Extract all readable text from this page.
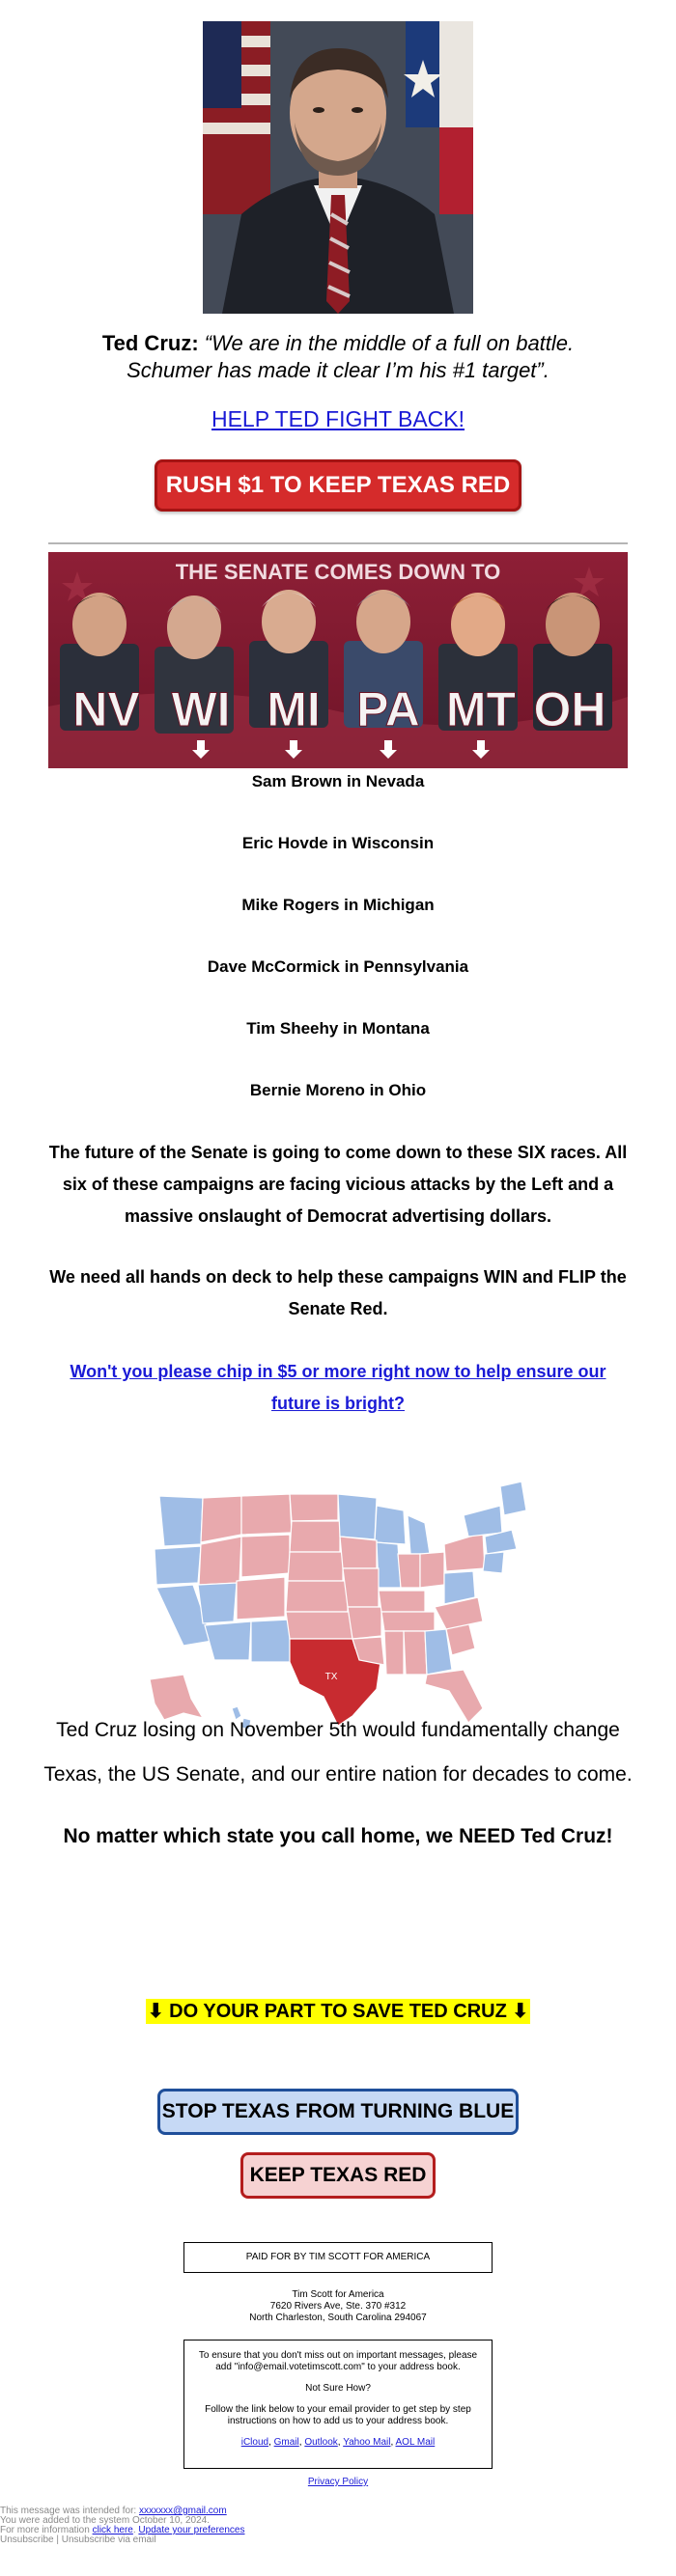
Ted Cruz: “We are in the middle of a full on battle. Schumer has made it clear I’m his #1 target”.
HELP TED FIGHT BACK!
RUSH $1 TO KEEP TEXAS RED
THE SENATE COMES DOWN TO
NV WI MI PA MT OH
Sam Brown in Nevada
Eric Hovde in Wisconsin
Mike Rogers in Michigan
Dave McCormick in Pennsylvania
Tim Sheehy in Montana
Bernie Moreno in Ohio
The future of the Senate is going to come down to these SIX races. All six of these campaigns are facing vicious attacks by the Left and a massive onslaught of Democrat advertising dollars.
We need all hands on deck to help these campaigns WIN and FLIP the Senate Red.
Won't you please chip in $5 or more right now to help ensure our future is bright?
TX
Ted Cruz losing on November 5th would fundamentally change
Texas, the US Senate, and our entire nation for decades to come.
No matter which state you call home, we NEED Ted Cruz!
⬇ DO YOUR PART TO SAVE TED CRUZ ⬇
STOP TEXAS FROM TURNING BLUE
KEEP TEXAS RED
PAID FOR BY TIM SCOTT FOR AMERICA
Tim Scott for America
7620 Rivers Ave, Ste. 370 #312
North Charleston, South Carolina 294067

To ensure that you don't miss out on important messages, please add "info@email.votetimscott.com" to your address book.

Not Sure How?

Follow the link below to your email provider to get step by step instructions on how to add us to your address book.

iCloud, Gmail, Outlook, Yahoo Mail, AOL Mail

Privacy Policy
This message was intended for: xxxxxxx@gmail.com
You were added to the system October 10, 2024.
For more information click here. Update your preferences
Unsubscribe | Unsubscribe via email
